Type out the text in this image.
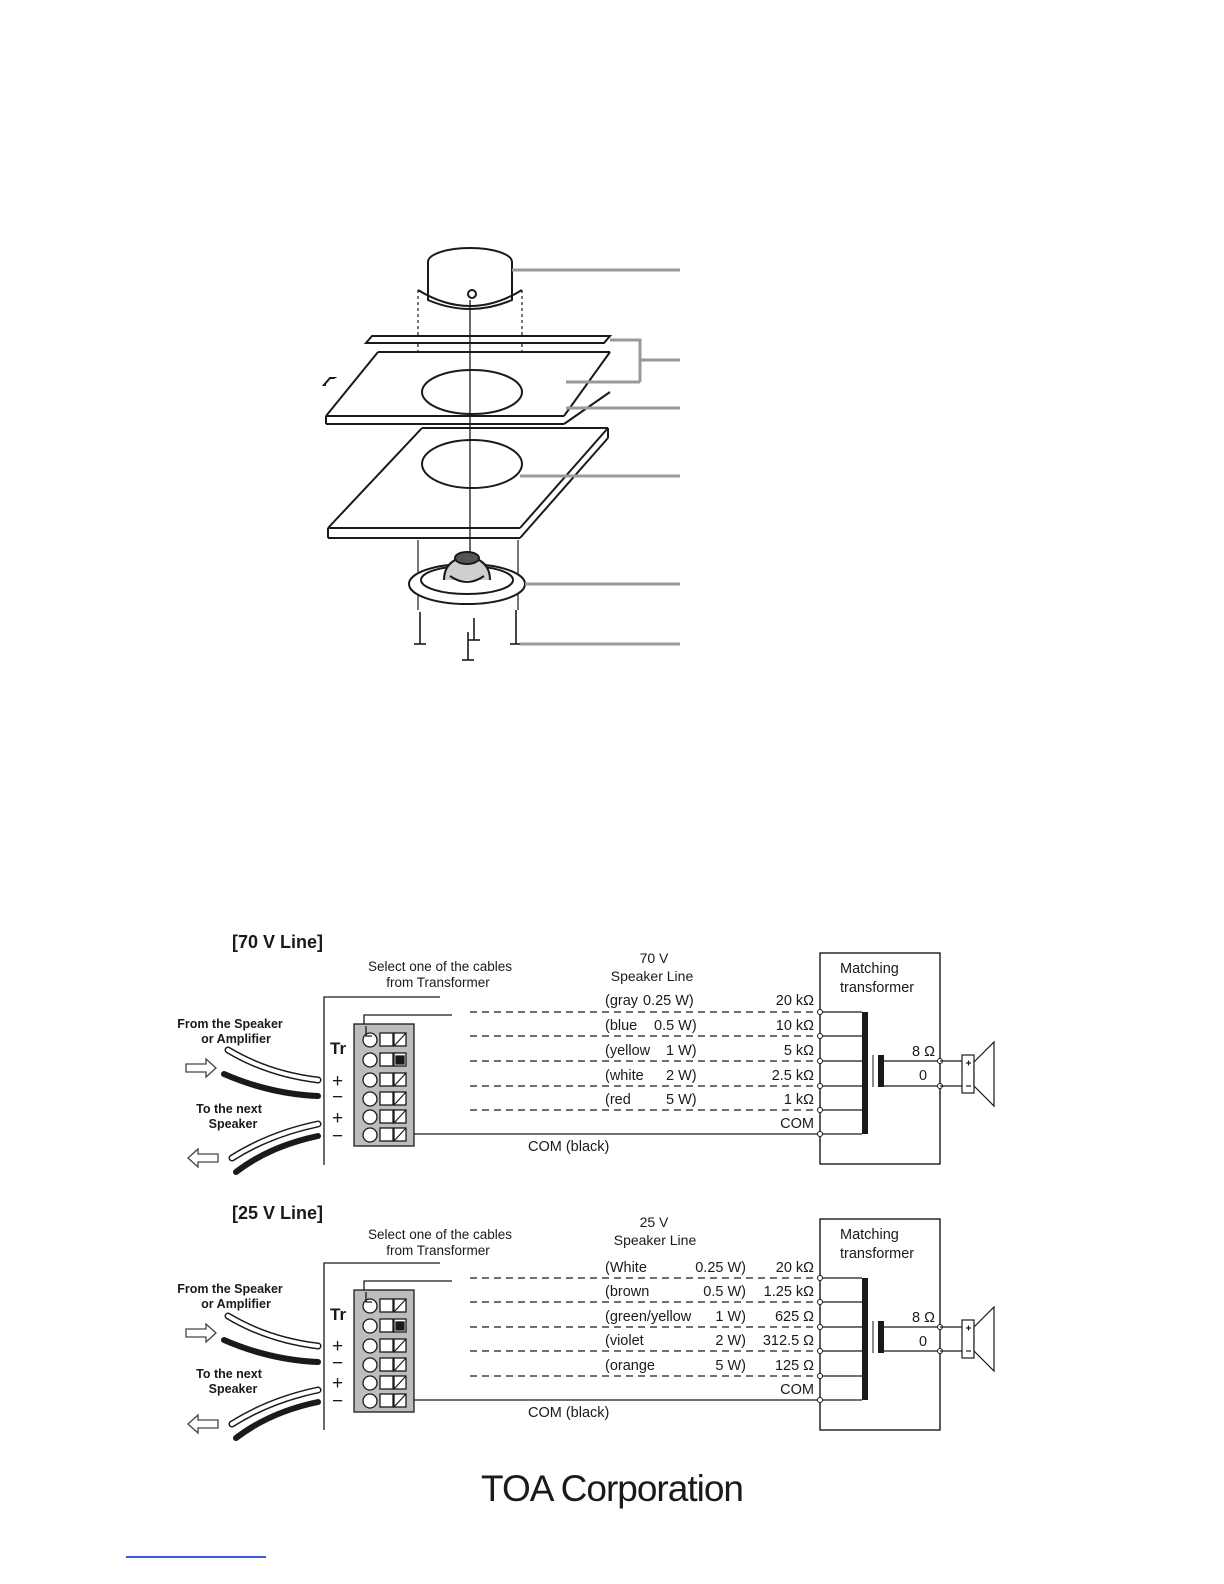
[70 V Line]
Select one of the cables
from Transformer
From the Speaker
or Amplifier
To the next
Speaker
Tr
70 V
Speaker Line
+
−
+
−
(gray 0.25 W)	20 kΩ
(blue 0.5 W)	10 kΩ
(yellow 1 W)	5 kΩ
(white 2 W)	2.5 kΩ
(red 5 W)	1 kΩ
COM
COM (black)
Matching
transformer
8 Ω
0
[25 V Line]
Select one of the cables
from Transformer
From the Speaker
or Amplifier
To the next
Speaker
Tr
25 V
Speaker Line
+
−
+
−
(White	0.25 W) 20 kΩ
(brown	0.5 W) 1.25 kΩ
(green/yellow 1 W) 625 Ω
(violet	2 W) 312.5 Ω
(orange	5 W) 125 Ω
COM
COM (black)
Matching
transformer
8 Ω
0
TOA Corporation
